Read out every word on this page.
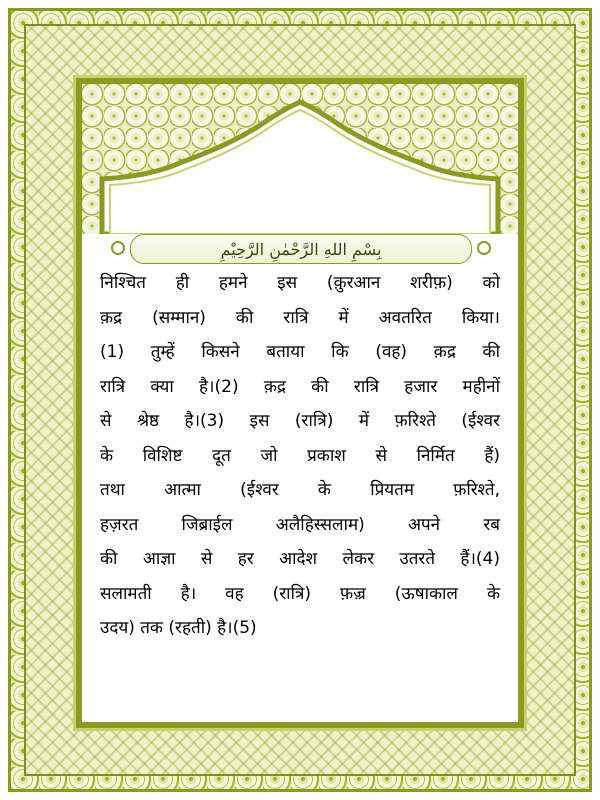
بِسْمِ اللهِ الرَّحْمٰنِ الرَّحِيْمِ
निश्चित ही हमने इस (क़ुरआन शरीफ़) को
क़द्र (सम्मान) की रात्रि में अवतरित किया।
(1) तुम्हें किसने बताया कि (वह) क़द्र की
रात्रि क्या है।(2) क़द्र की रात्रि हजार महीनों
से श्रेष्ठ है।(3) इस (रात्रि) में फ़रिश्ते (ईश्वर
के विशिष्ट दूत जो प्रकाश से निर्मित हैं)
तथा आत्मा (ईश्वर के प्रियतम फ़रिश्ते,
हज़रत जिब्राईल अलैहिस्सलाम) अपने रब
की आज्ञा से हर आदेश लेकर उतरते हैं।(4)
सलामती है। वह (रात्रि) फ़ज़्र (ऊषाकाल के
उदय) तक (रहती) है।(5)
